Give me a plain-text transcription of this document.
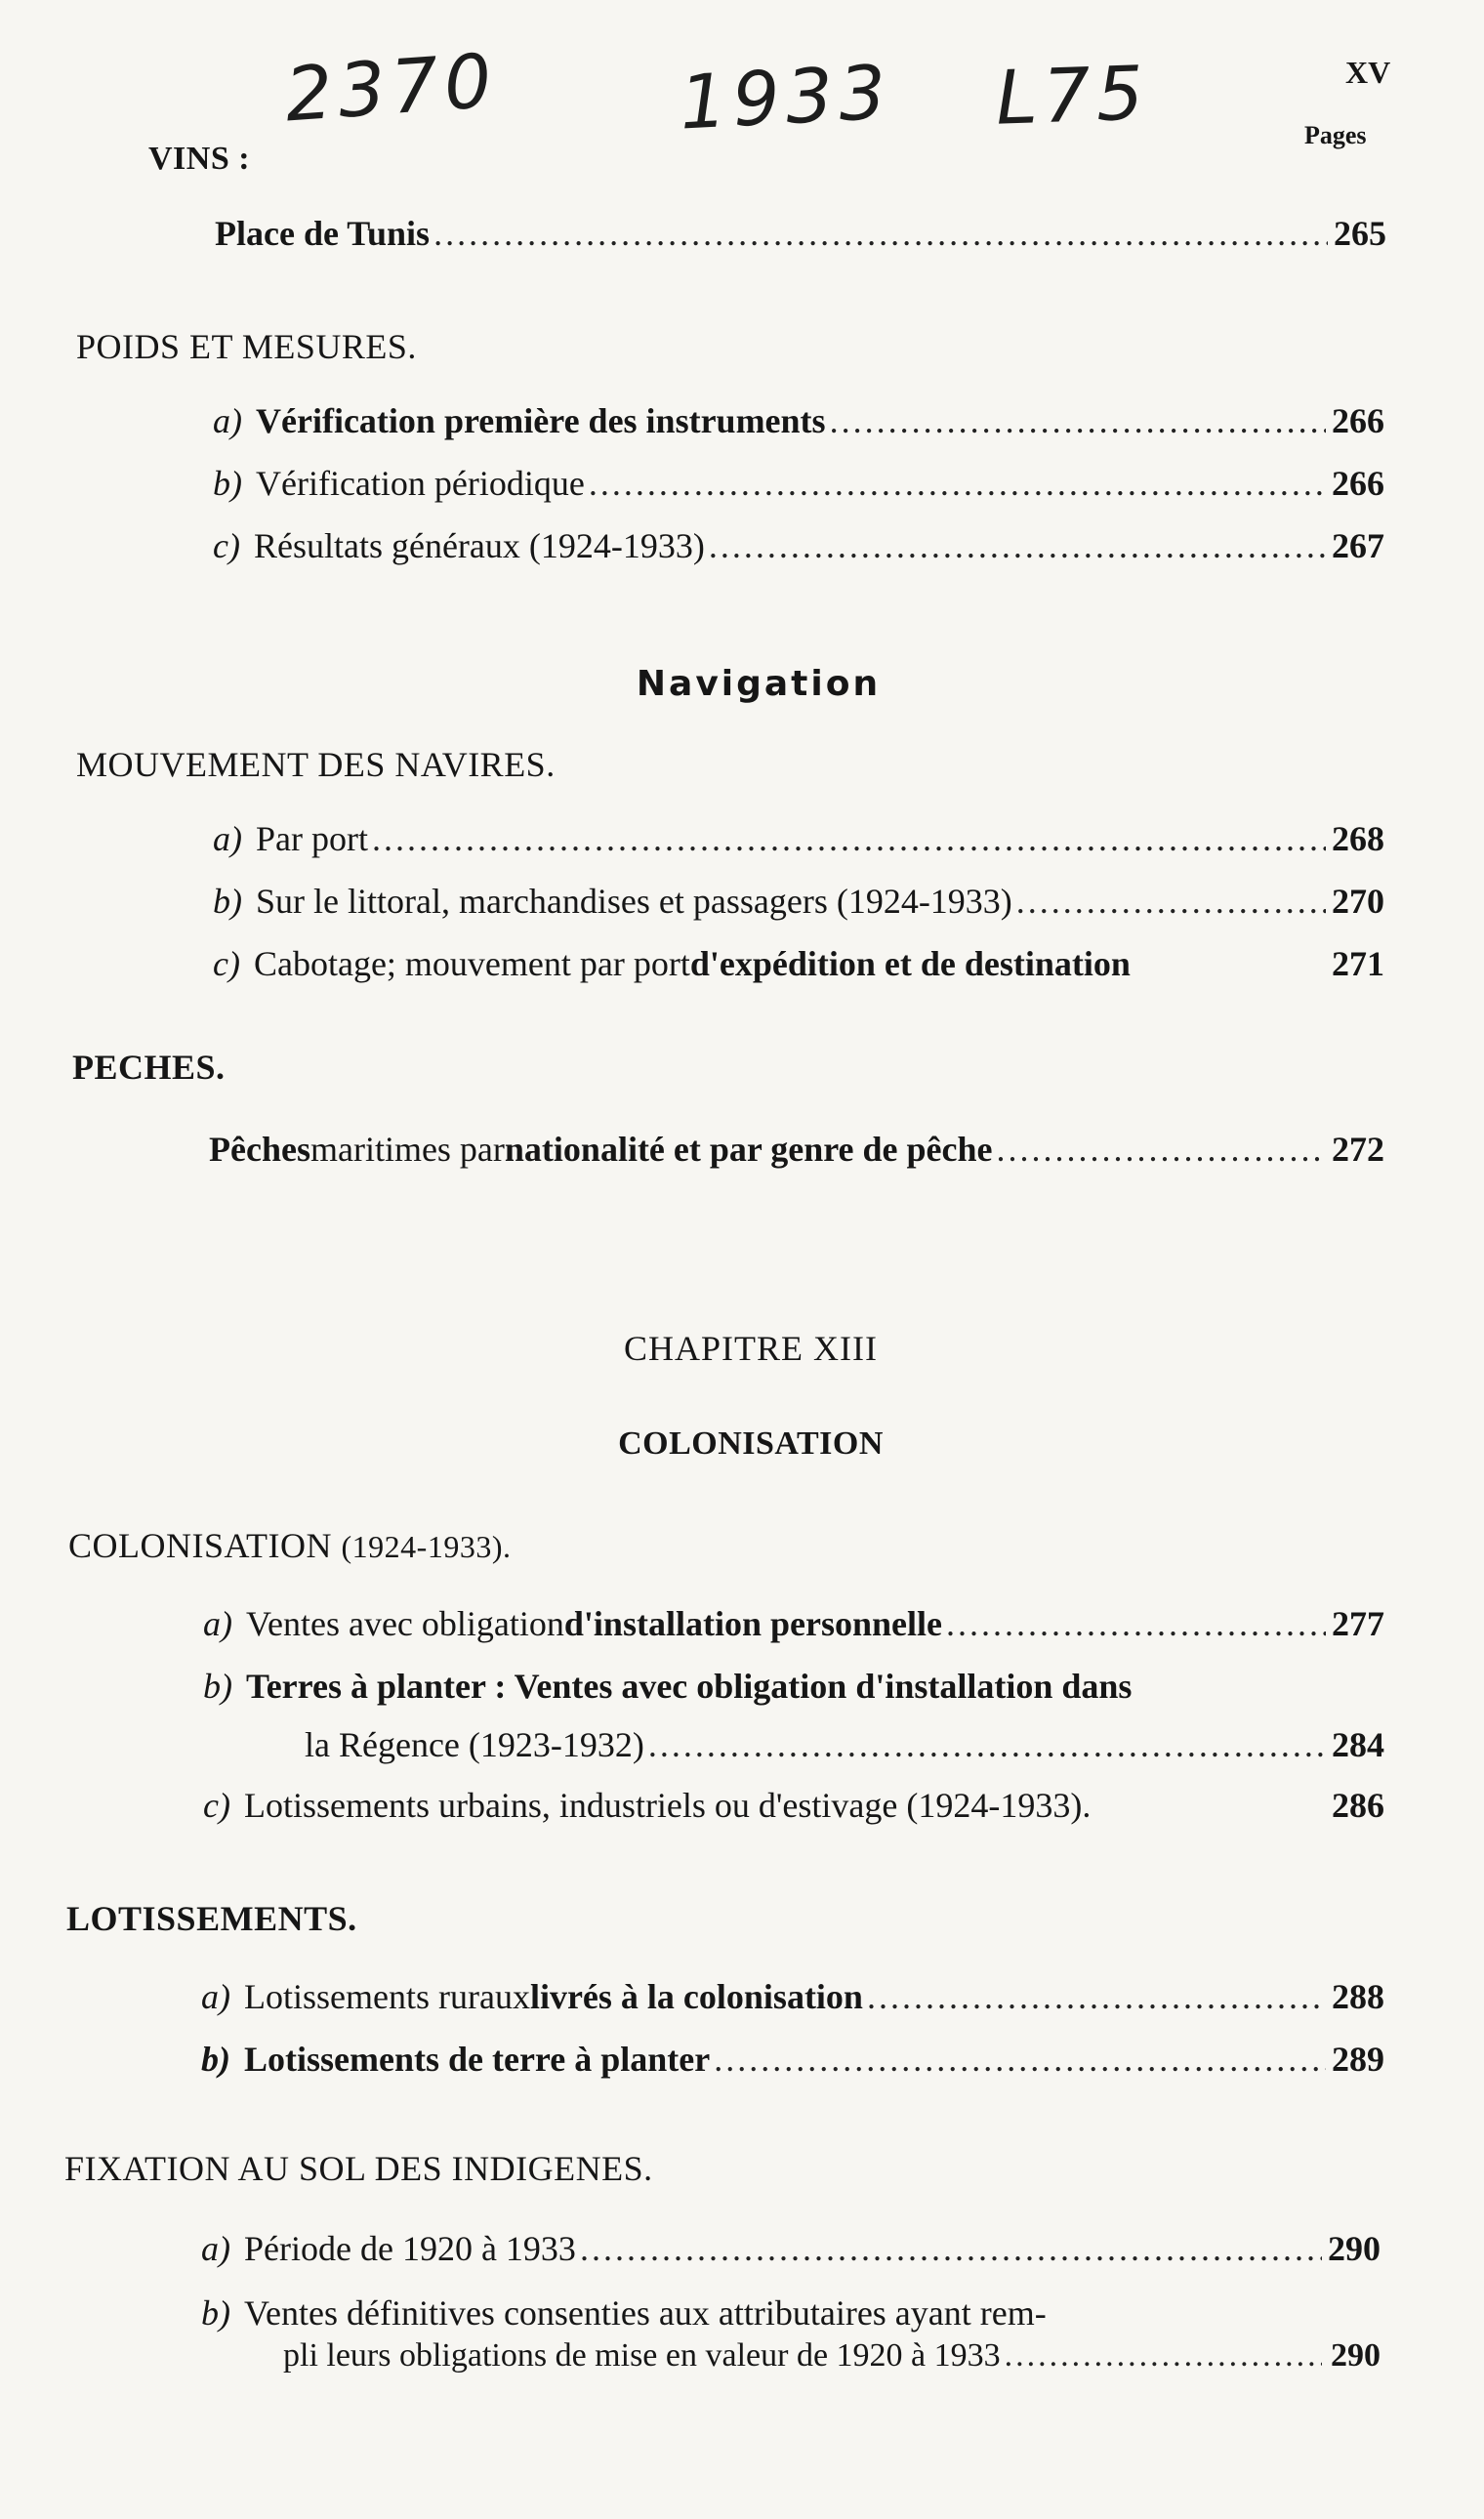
2370 1933 L75	XV
Pages
VINS :
Place de Tunis .....	265
POIDS ET MESURES.
a) Vérification première des instruments .....	266
b) Vérification périodique .....	266
c) Résultats généraux (1924-1933) .....	267
Navigation
MOUVEMENT DES NAVIRES.
a) Par port .....	268
b) Sur le littoral, marchandises et passagers (1924-1933) .....	270
c) Cabotage; mouvement par port d'expédition et de destination	271
PECHES.
Pêches maritimes par nationalité et par genre de pêche .....	272
CHAPITRE XIII
COLONISATION
COLONISATION (1924-1933).
a) Ventes avec obligation d'installation personnelle .....	277
b) Terres à planter : Ventes avec obligation d'installation dans
la Régence (1923-1932) .....	284
c) Lotissements urbains, industriels ou d'estivage (1924-1933).	286
LOTISSEMENTS.
a) Lotissements ruraux livrés à la colonisation .....	288
b) Lotissements de terre à planter .....	289
FIXATION AU SOL DES INDIGENES.
a) Période de 1920 à 1933 .....	290
b) Ventes définitives consenties aux attributaires ayant rem-
pli leurs obligations de mise en valeur de 1920 à 1933 .....	290
